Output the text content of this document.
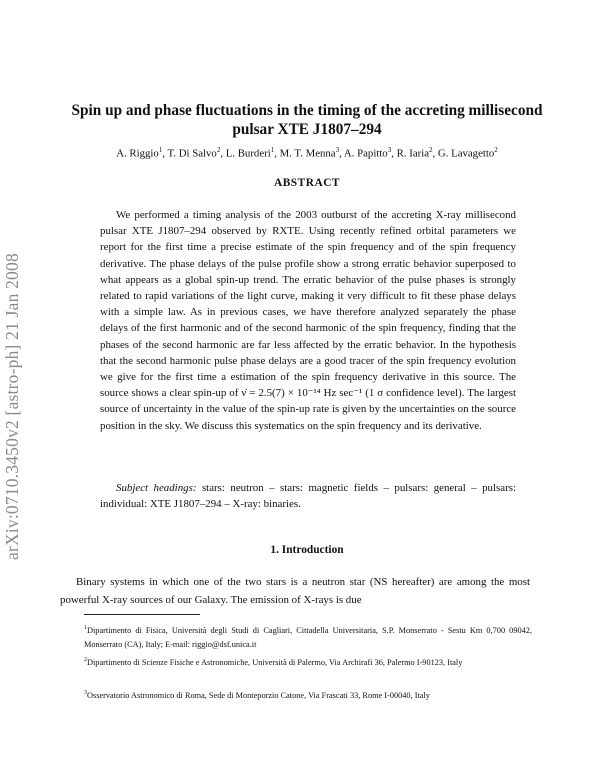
arXiv:0710.3450v2 [astro-ph] 21 Jan 2008
Spin up and phase fluctuations in the timing of the accreting millisecond pulsar XTE J1807–294
A. Riggio$^1$, T. Di Salvo$^2$, L. Burderi$^1$, M. T. Menna$^3$, A. Papitto$^3$, R. Iaria$^2$, G. Lavagetto$^2$
ABSTRACT

We performed a timing analysis of the 2003 outburst of the accreting X-ray millisecond pulsar XTE J1807–294 observed by RXTE. Using recently refined orbital parameters we report for the first time a precise estimate of the spin frequency and of the spin frequency derivative. The phase delays of the pulse profile show a strong erratic behavior superposed to what appears as a global spin-up trend. The erratic behavior of the pulse phases is strongly related to rapid variations of the light curve, making it very difficult to fit these phase delays with a simple law. As in previous cases, we have therefore analyzed separately the phase delays of the first harmonic and of the second harmonic of the spin frequency, finding that the phases of the second harmonic are far less affected by the erratic behavior. In the hypothesis that the second harmonic pulse phase delays are a good tracer of the spin frequency evolution we give for the first time a estimation of the spin frequency derivative in this source. The source shows a clear spin-up of ν̇ = 2.5(7) × 10⁻¹⁴ Hz sec⁻¹ (1 σ confidence level). The largest source of uncertainty in the value of the spin-up rate is given by the uncertainties on the source position in the sky. We discuss this systematics on the spin frequency and its derivative.

Subject headings: stars: neutron – stars: magnetic fields – pulsars: general – pulsars: individual: XTE J1807–294 – X-ray: binaries.

1. Introduction

Binary systems in which one of the two stars is a neutron star (NS hereafter) are among the most powerful X-ray sources of our Galaxy. The emission of X-rays is due

$^1$Dipartimento di Fisica, Università degli Studi di Cagliari, Cittadella Universitaria, S.P. Monserrato - Sestu Km 0,700 09042, Monserrato (CA), Italy; E-mail: riggio@dsf.unica.it

$^2$Dipartimento di Scienze Fisiche e Astronomiche, Università di Palermo, Via Archirafi 36, Palermo I-90123, Italy

$^3$Osservatorio Astronomico di Roma, Sede di Monteporzio Catone, Via Frascati 33, Rome I-00040, Italy
